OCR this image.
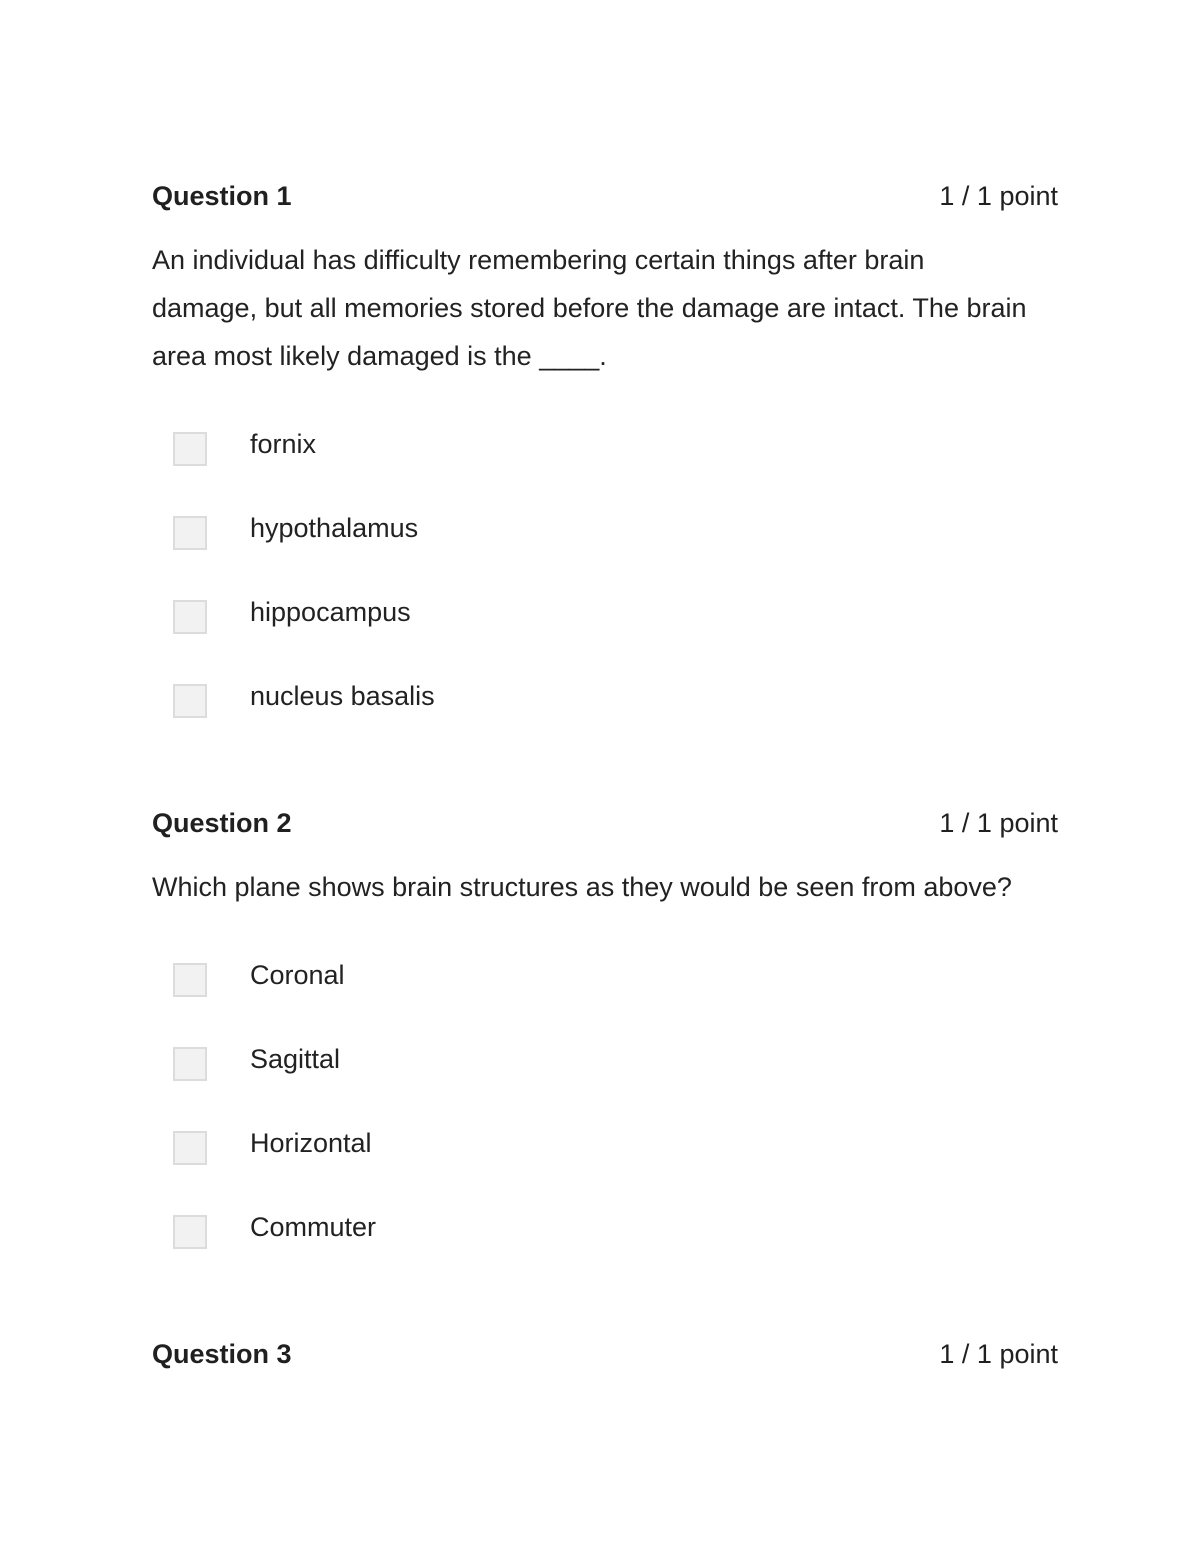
Question 1	1 / 1 point

An individual has difficulty remembering certain things after brain damage, but all memories stored before the damage are intact. The brain area most likely damaged is the ____.

fornix
hypothalamus
hippocampus
nucleus basalis
Question 2	1 / 1 point

Which plane shows brain structures as they would be seen from above?

Coronal
Sagittal
Horizontal
Commuter
Question 3	1 / 1 point
